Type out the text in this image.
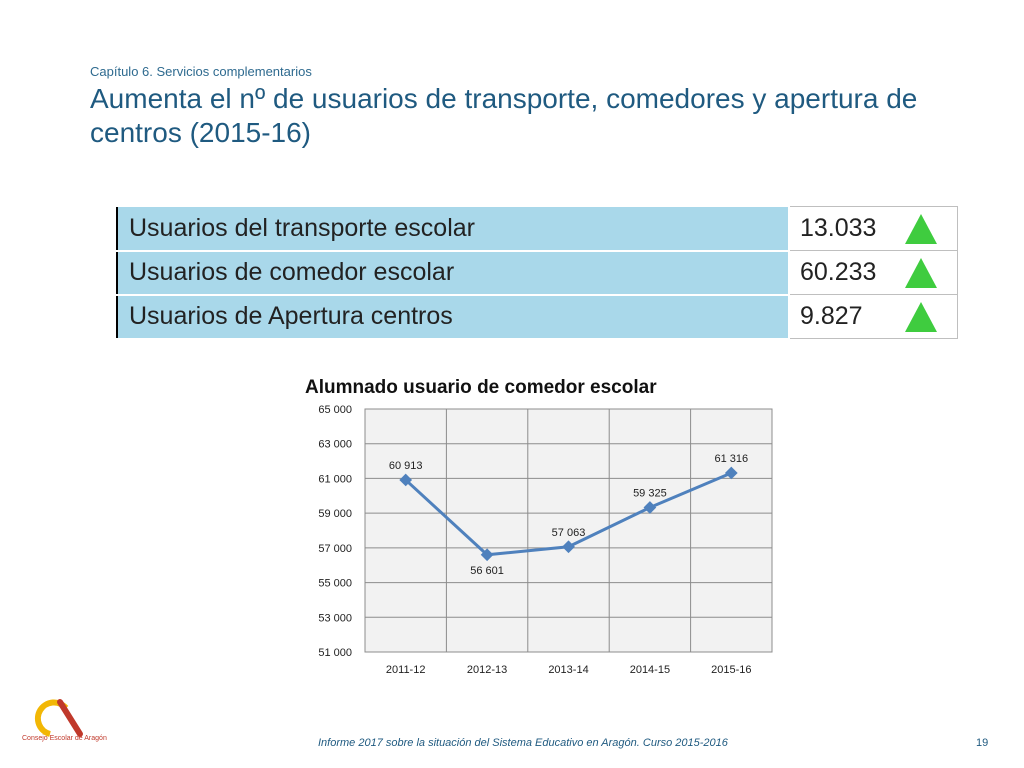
Capítulo 6. Servicios complementarios
Aumenta el nº de usuarios de transporte, comedores y apertura de centros (2015-16)
Usuarios del transporte escolar	13.033

Usuarios de comedor escolar	60.233

Usuarios de Apertura centros	9.827
Alumnado usuario de comedor escolar
51 000
53 000
55 000
57 000
59 000
61 000
63 000
65 000
2011-12	2012-13	2013-14	2014-15	2015-16
60 913
56 601
57 063
59 325
61 316
Consejo Escolar de Aragón	Informe 2017 sobre la situación del Sistema Educativo en Aragón. Curso 2015-2016	19
